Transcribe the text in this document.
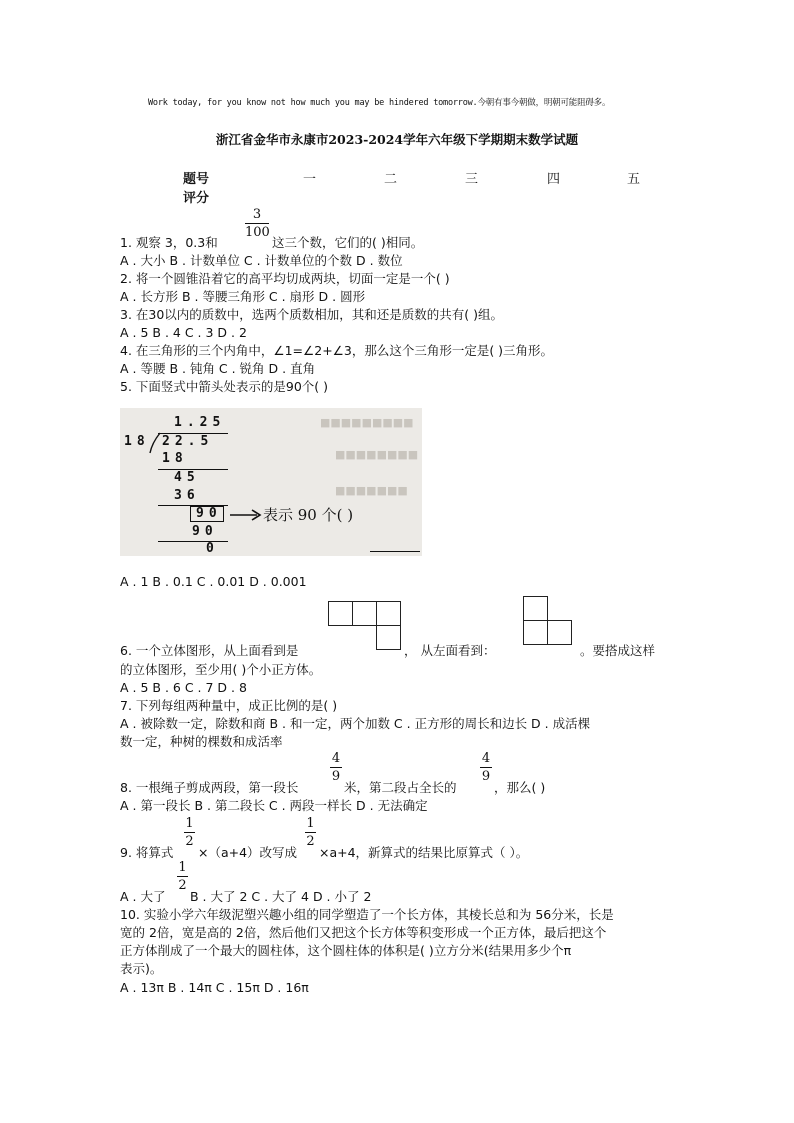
Work today, for you know not how much you may be hindered tomorrow.今朝有事今朝做，明朝可能阻碍多。
浙江省金华市永康市2023-2024学年六年级下学期期末数学试题
题号	一	二	三	四	五
评分
3
100
1. 观察 3，0.3和	这三个数，它们的( )相同。
A . 大小 B . 计数单位 C . 计数单位的个数 D . 数位
2. 将一个圆锥沿着它的高平均切成两块，切面一定是一个( )
A . 长方形 B . 等腰三角形 C . 扇形 D . 圆形
3. 在30以内的质数中，选两个质数相加，其和还是质数的共有( )组。
A . 5 B . 4 C . 3 D . 2
4. 在三角形的三个内角中，∠1=∠2+∠3，那么这个三角形一定是( )三角形。
A . 等腰 B . 钝角 C . 锐角 D . 直角
5. 下面竖式中箭头处表示的是90个( )
■■■■■■■■■
■■■■■■■■
■■■■■■■
1.25
18 22.5
18
45
36
90	表示 90 个( )
90
0
A . 1 B . 0.1 C . 0.01 D . 0.001
6. 一个立体图形，从上面看到是	， 从左面看到：	。要搭成这样
的立体图形，至少用( )个小正方体。
A . 5 B . 6 C . 7 D . 8
7. 下列每组两种量中，成正比例的是( )
A . 被除数一定，除数和商 B . 和一定，两个加数 C . 正方形的周长和边长 D . 成活棵
数一定，种树的棵数和成活率
4
9
4
9
8. 一根绳子剪成两段，第一段长	米，第二段占全长的	，那么( )
A . 第一段长 B . 第二段长 C . 两段一样长 D . 无法确定
1
2
1
2
9. 将算式 ×（a+4）改写成 ×a+4，新算式的结果比原算式（ ）。
1
2
A . 大了 B . 大了 2 C . 大了 4 D . 小了 2
10. 实验小学六年级泥塑兴趣小组的同学塑造了一个长方体，其棱长总和为 56分米，长是
宽的 2倍，宽是高的 2倍，然后他们又把这个长方体等积变形成一个正方体，最后把这个
正方体削成了一个最大的圆柱体，这个圆柱体的体积是( )立方分米(结果用多少个π
表示)。
A . 13π B . 14π C . 15π D . 16π
